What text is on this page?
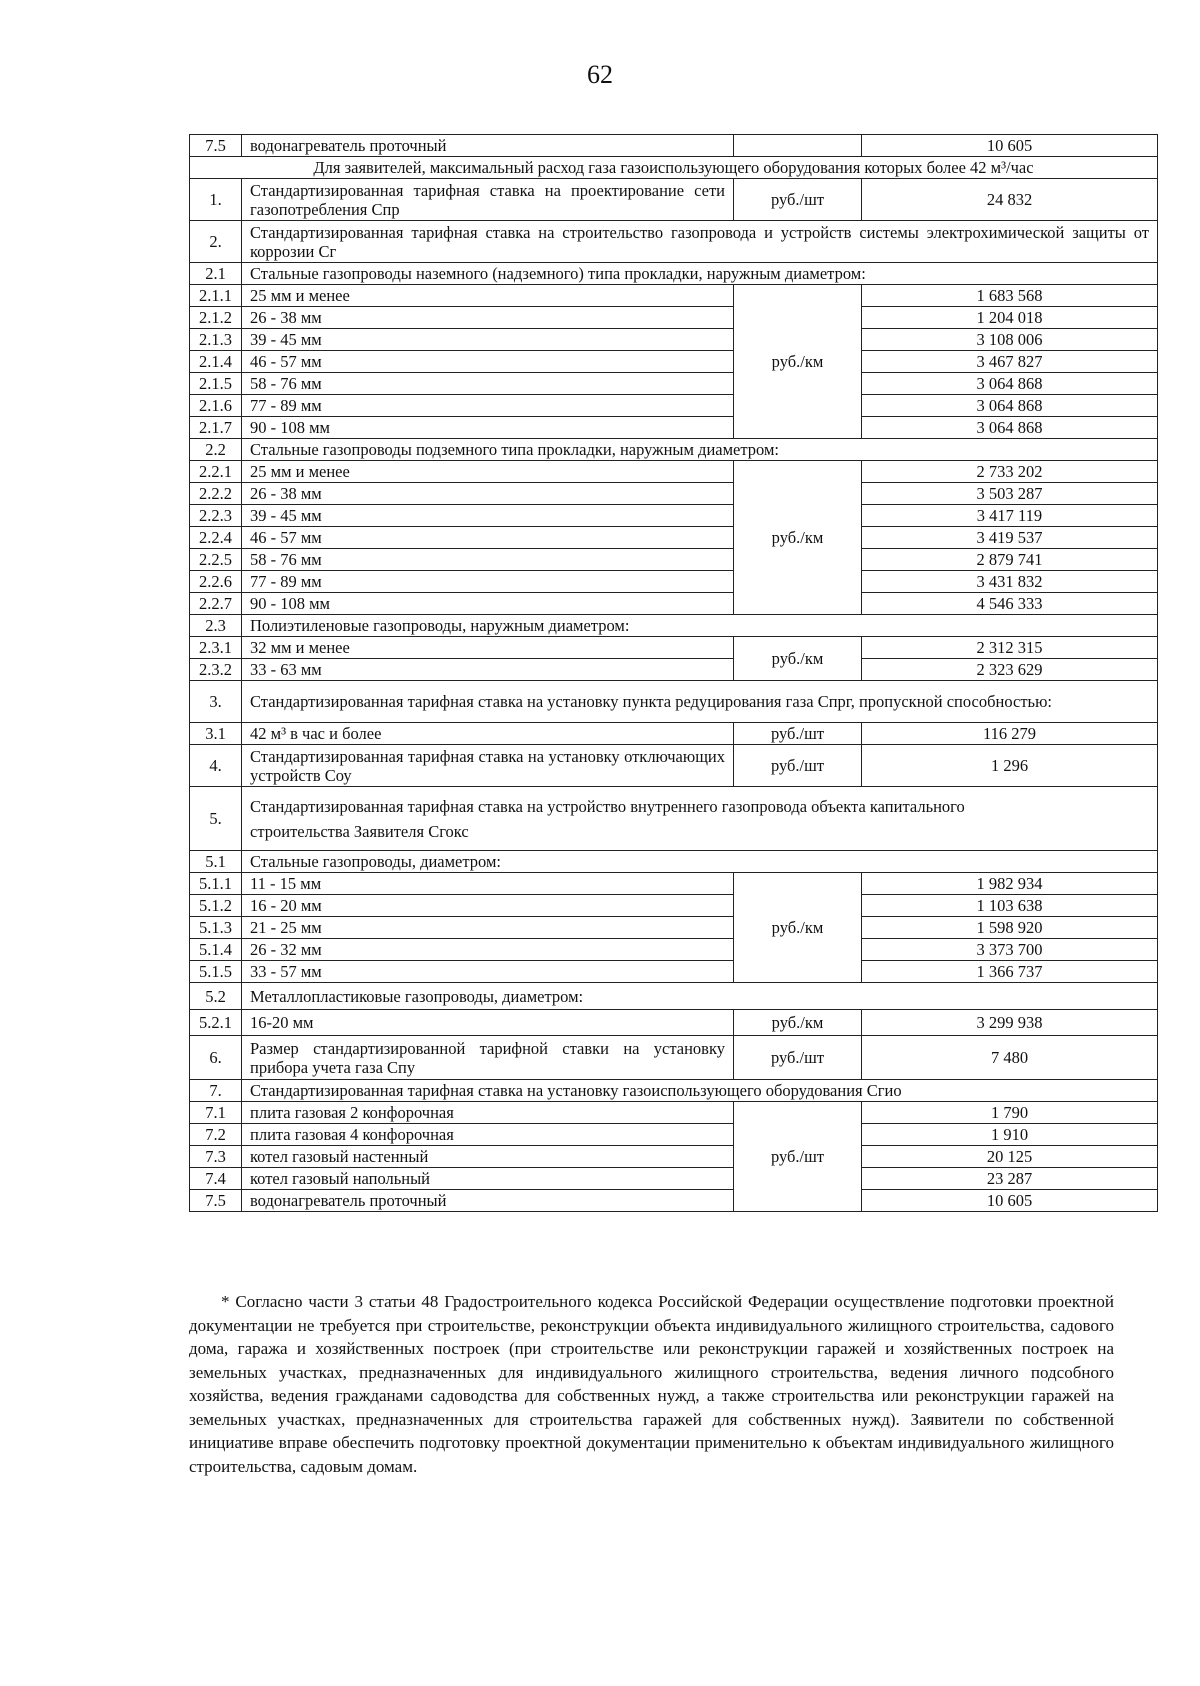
62
7.5	водонагреватель проточный		10 605
Для заявителей, максимальный расход газа газоиспользующего оборудования которых более 42 м³/час			
1.	Стандартизированная тарифная ставка на проектирование сети газопотребления Cпр	руб./шт	24 832
2.	Стандартизированная тарифная ставка на строительство газопровода и устройств системы электрохимической защиты от коррозии Cг		
2.1	Стальные газопроводы наземного (надземного) типа прокладки, наружным диаметром:		
2.1.1	25 мм и менее	руб./км	1 683 568
2.1.2	26 - 38 мм		1 204 018
2.1.3	39 - 45 мм		3 108 006
2.1.4	46 - 57 мм		3 467 827
2.1.5	58 - 76 мм		3 064 868
2.1.6	77 - 89 мм		3 064 868
2.1.7	90 - 108 мм		3 064 868
2.2	Стальные газопроводы подземного типа прокладки, наружным диаметром:		
2.2.1	25 мм и менее	руб./км	2 733 202
2.2.2	26 - 38 мм		3 503 287
2.2.3	39 - 45 мм		3 417 119
2.2.4	46 - 57 мм		3 419 537
2.2.5	58 - 76 мм		2 879 741
2.2.6	77 - 89 мм		3 431 832
2.2.7	90 - 108 мм		4 546 333
2.3	Полиэтиленовые газопроводы, наружным диаметром:		
2.3.1	32 мм и менее	руб./км	2 312 315
2.3.2	33 - 63 мм		2 323 629
3.	Стандартизированная тарифная ставка на установку пункта редуцирования газа Cпрг, пропускной способностью:		
3.1	42 м³ в час и более	руб./шт	116 279
4.	Стандартизированная тарифная ставка на установку отключающих устройств Cоу	руб./шт	1 296
5.	Стандартизированная тарифная ставка на устройство внутреннего газопровода объекта капитального
строительства Заявителя Cгокс		

5.1	Стальные газопроводы, диаметром:		
5.1.1	11 - 15 мм	руб./км	1 982 934
5.1.2	16 - 20 мм		1 103 638
5.1.3	21 - 25 мм		1 598 920
5.1.4	26 - 32 мм		3 373 700
5.1.5	33 - 57 мм		1 366 737
5.2	Металлопластиковые газопроводы, диаметром:		
5.2.1	16-20 мм	руб./км	3 299 938
6.	Размер стандартизированной тарифной ставки на установку прибора учета газа Cпу	руб./шт	7 480
7.	Стандартизированная тарифная ставка на установку газоиспользующего оборудования Cгио		
7.1	плита газовая 2 конфорочная	руб./шт	1 790
7.2	плита газовая 4 конфорочная		1 910
7.3	котел газовый настенный		20 125
7.4	котел газовый напольный		23 287
7.5	водонагреватель проточный		10 605
* Согласно части 3 статьи 48 Градостроительного кодекса Российской Федерации осуществление подготовки проектной документации не требуется при строительстве, реконструкции объекта индивидуального жилищного строительства, садового дома, гаража и хозяйственных построек (при строительстве или реконструкции гаражей и хозяйственных построек на земельных участках, предназначенных для индивидуального жилищного строительства, ведения личного подсобного хозяйства, ведения гражданами садоводства для собственных нужд, а также строительства или реконструкции гаражей на земельных участках, предназначенных для строительства гаражей для собственных нужд). Заявители по собственной инициативе вправе обеспечить подготовку проектной документации применительно к объектам индивидуального жилищного строительства, садовым домам.
